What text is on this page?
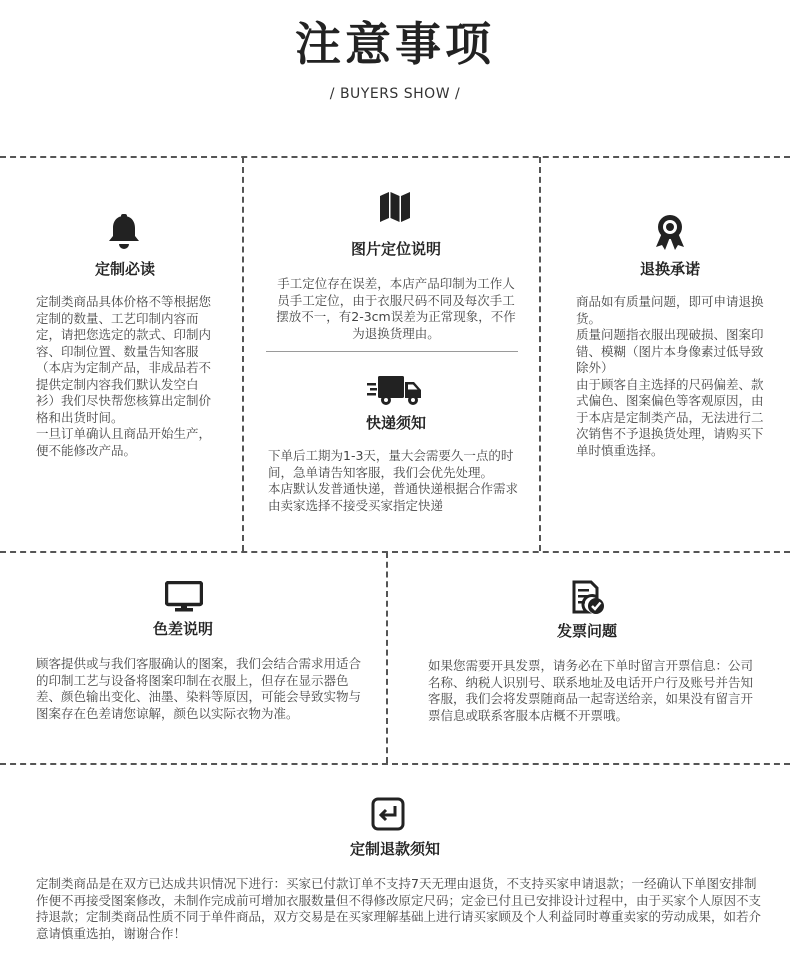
注意事项
/ BUYERS SHOW /
定制必读
定制类商品具体价格不等根据您定制的数量、工艺印制内容而定，请把您选定的款式、印制内容、印制位置、数量告知客服（本店为定制产品，非成品若不提供定制内容我们默认发空白衫）我们尽快帮您核算出定制价格和出货时间。
一旦订单确认且商品开始生产，便不能修改产品。
图片定位说明
手工定位存在误差，本店产品印制为工作人员手工定位，由于衣服尺码不同及每次手工摆放不一，有2-3cm误差为正常现象，不作为退换货理由。
快递须知
下单后工期为1-3天，量大会需要久一点的时间，急单请告知客服，我们会优先处理。
本店默认发普通快递，普通快递根据合作需求由卖家选择不接受买家指定快递
退换承诺
商品如有质量问题，即可申请退换货。
质量问题指衣服出现破损、图案印错、模糊（图片本身像素过低导致除外）
由于顾客自主选择的尺码偏差、款式偏色、图案偏色等客观原因，由于本店是定制类产品，无法进行二次销售不予退换货处理，请购买下单时慎重选择。
色差说明
顾客提供或与我们客服确认的图案，我们会结合需求用适合的印制工艺与设备将图案印制在衣服上，但存在显示器色差、颜色输出变化、油墨、染料等原因，可能会导致实物与图案存在色差请您谅解，颜色以实际衣物为准。
发票问题
如果您需要开具发票，请务必在下单时留言开票信息：公司名称、纳税人识别号、联系地址及电话开户行及账号并告知客服，我们会将发票随商品一起寄送给亲，如果没有留言开票信息或联系客服本店概不开票哦。
定制退款须知
定制类商品是在双方已达成共识情况下进行：买家已付款订单不支持7天无理由退货，不支持买家申请退款；一经确认下单图安排制作便不再接受图案修改，未制作完成前可增加衣服数量但不得修改原定尺码；定金已付且已安排设计过程中，由于买家个人原因不支持退款；定制类商品性质不同于单件商品，双方交易是在买家理解基础上进行请买家顾及个人利益同时尊重卖家的劳动成果，如若介意请慎重选拍，谢谢合作！
